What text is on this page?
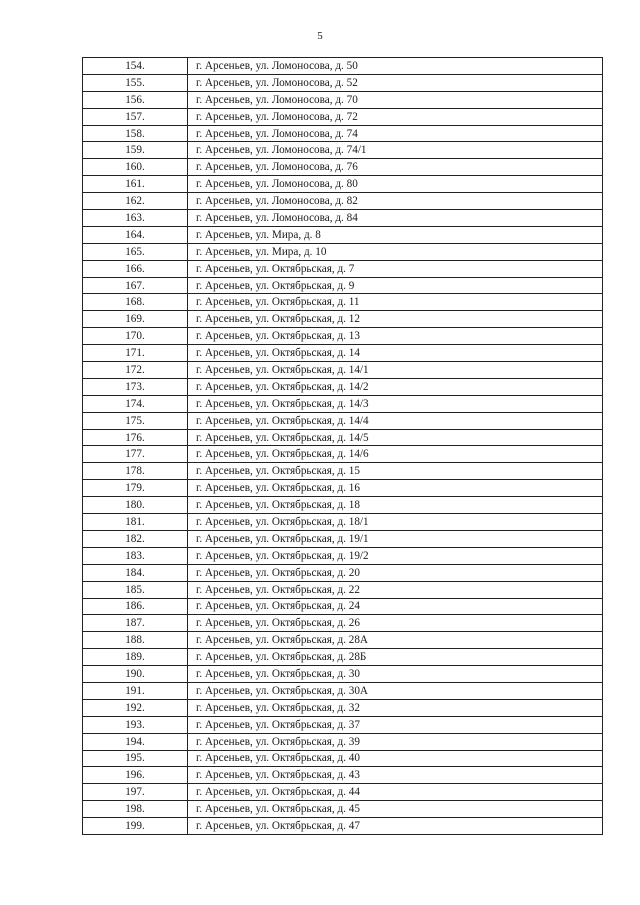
5
154.	г. Арсеньев, ул. Ломоносова, д. 50
155.	г. Арсеньев, ул. Ломоносова, д. 52
156.	г. Арсеньев, ул. Ломоносова, д. 70
157.	г. Арсеньев, ул. Ломоносова, д. 72
158.	г. Арсеньев, ул. Ломоносова, д. 74
159.	г. Арсеньев, ул. Ломоносова, д. 74/1
160.	г. Арсеньев, ул. Ломоносова, д. 76
161.	г. Арсеньев, ул. Ломоносова, д. 80
162.	г. Арсеньев, ул. Ломоносова, д. 82
163.	г. Арсеньев, ул. Ломоносова, д. 84
164.	г. Арсеньев, ул. Мира, д. 8
165.	г. Арсеньев, ул. Мира, д. 10
166.	г. Арсеньев, ул. Октябрьская, д. 7
167.	г. Арсеньев, ул. Октябрьская, д. 9
168.	г. Арсеньев, ул. Октябрьская, д. 11
169.	г. Арсеньев, ул. Октябрьская, д. 12
170.	г. Арсеньев, ул. Октябрьская, д. 13
171.	г. Арсеньев, ул. Октябрьская, д. 14
172.	г. Арсеньев, ул. Октябрьская, д. 14/1
173.	г. Арсеньев, ул. Октябрьская, д. 14/2
174.	г. Арсеньев, ул. Октябрьская, д. 14/3
175.	г. Арсеньев, ул. Октябрьская, д. 14/4
176.	г. Арсеньев, ул. Октябрьская, д. 14/5
177.	г. Арсеньев, ул. Октябрьская, д. 14/6
178.	г. Арсеньев, ул. Октябрьская, д. 15
179.	г. Арсеньев, ул. Октябрьская, д. 16
180.	г. Арсеньев, ул. Октябрьская, д. 18
181.	г. Арсеньев, ул. Октябрьская, д. 18/1
182.	г. Арсеньев, ул. Октябрьская, д. 19/1
183.	г. Арсеньев, ул. Октябрьская, д. 19/2
184.	г. Арсеньев, ул. Октябрьская, д. 20
185.	г. Арсеньев, ул. Октябрьская, д. 22
186.	г. Арсеньев, ул. Октябрьская, д. 24
187.	г. Арсеньев, ул. Октябрьская, д. 26
188.	г. Арсеньев, ул. Октябрьская, д. 28А
189.	г. Арсеньев, ул. Октябрьская, д. 28Б
190.	г. Арсеньев, ул. Октябрьская, д. 30
191.	г. Арсеньев, ул. Октябрьская, д. 30А
192.	г. Арсеньев, ул. Октябрьская, д. 32
193.	г. Арсеньев, ул. Октябрьская, д. 37
194.	г. Арсеньев, ул. Октябрьская, д. 39
195.	г. Арсеньев, ул. Октябрьская, д. 40
196.	г. Арсеньев, ул. Октябрьская, д. 43
197.	г. Арсеньев, ул. Октябрьская, д. 44
198.	г. Арсеньев, ул. Октябрьская, д. 45
199.	г. Арсеньев, ул. Октябрьская, д. 47
